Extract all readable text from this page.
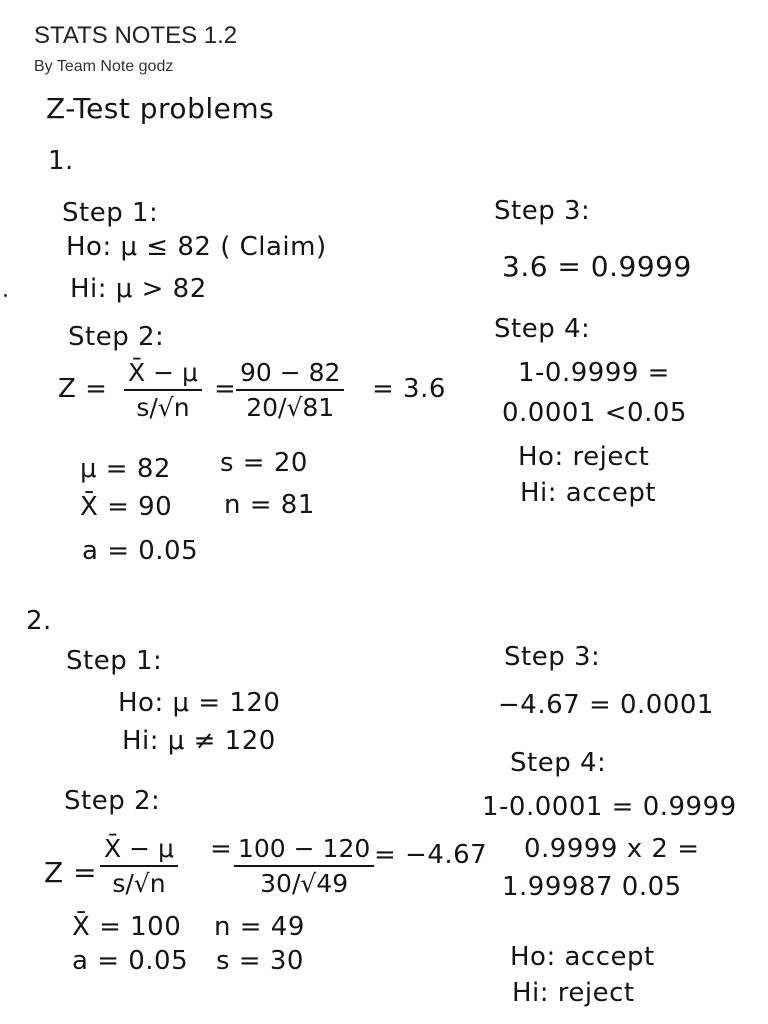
STATS NOTES 1.2
By Team Note godz
Z-Test problems
1.
Step 1:
Ho: μ ≤ 82 ( Claim)
Hi: μ > 82
Step 2:
$Z = \frac{X̄ - \mu}{s/√n} = \frac{90 - 82}{20/√81} = 3.6$
μ = 82 s = 20
X̄ = 90 n = 81
a = 0.05
Step 3:
3.6 = 0.9999
Step 4:
1-0.9999 =
0.0001 <0.05
Ho: reject
Hi: accept
2.
Step 1:
Ho: μ = 120
Hi: μ ≠ 120
Step 2:
$Z = \frac{X̄ - \mu}{s/√n} = \frac{100 - 120}{30/√49} = -4.67$
X̄ = 100 n = 49
a = 0.05 s = 30
Step 3:
−4.67 = 0.0001
Step 4:
1-0.0001 = 0.9999
0.9999 x 2 =
1.99987 0.05
Ho: accept
Hi: reject
